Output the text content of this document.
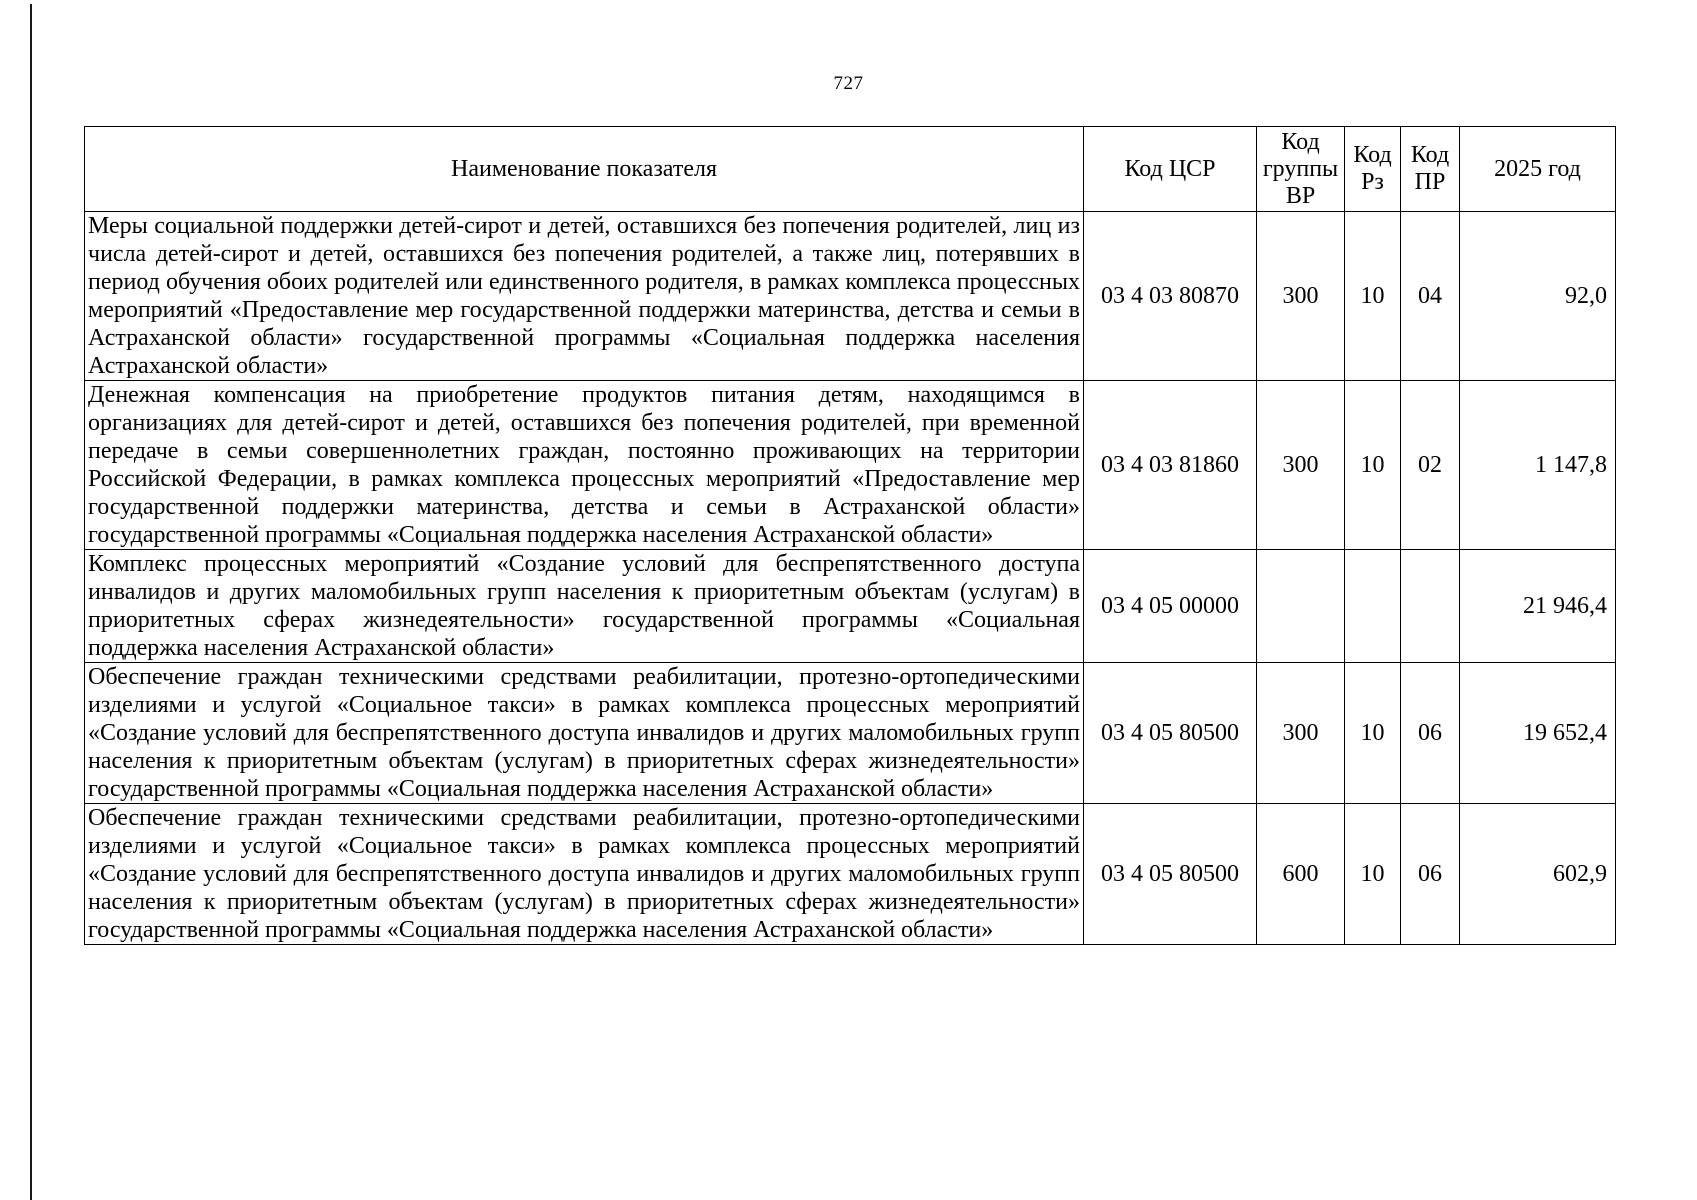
727
Наименование показателя	Код ЦСР	Код группы ВР	Код Рз	Код ПР	2025 год
Меры социальной поддержки детей-сирот и детей, оставшихся без попечения родителей, лиц из числа детей-сирот и детей, оставшихся без попечения родителей, а также лиц, потерявших в период обучения обоих родителей или единственного родителя, в рамках комплекса процессных мероприятий «Предоставление мер государственной поддержки материнства, детства и семьи в Астраханской области» государственной программы «Социальная поддержка населения Астраханской области»	03 4 03 80870	300	10	04	92,0
Денежная компенсация на приобретение продуктов питания детям, находящимся в организациях для детей-сирот и детей, оставшихся без попечения родителей, при временной передаче в семьи совершеннолетних граждан, постоянно проживающих на территории Российской Федерации, в рамках комплекса процессных мероприятий «Предоставление мер государственной поддержки материнства, детства и семьи в Астраханской области» государственной программы «Социальная поддержка населения Астраханской области»	03 4 03 81860	300	10	02	1 147,8
Комплекс процессных мероприятий «Создание условий для беспрепятственного доступа инвалидов и других маломобильных групп населения к приоритетным объектам (услугам) в приоритетных сферах жизнедеятельности» государственной программы «Социальная поддержка населения Астраханской области»	03 4 05 00000				21 946,4
Обеспечение граждан техническими средствами реабилитации, протезно-ортопедическими изделиями и услугой «Социальное такси» в рамках комплекса процессных мероприятий «Создание условий для беспрепятственного доступа инвалидов и других маломобильных групп населения к приоритетным объектам (услугам) в приоритетных сферах жизнедеятельности» государственной программы «Социальная поддержка населения Астраханской области»	03 4 05 80500	300	10	06	19 652,4
Обеспечение граждан техническими средствами реабилитации, протезно-ортопедическими изделиями и услугой «Социальное такси» в рамках комплекса процессных мероприятий «Создание условий для беспрепятственного доступа инвалидов и других маломобильных групп населения к приоритетным объектам (услугам) в приоритетных сферах жизнедеятельности» государственной программы «Социальная поддержка населения Астраханской области»	03 4 05 80500	600	10	06	602,9
